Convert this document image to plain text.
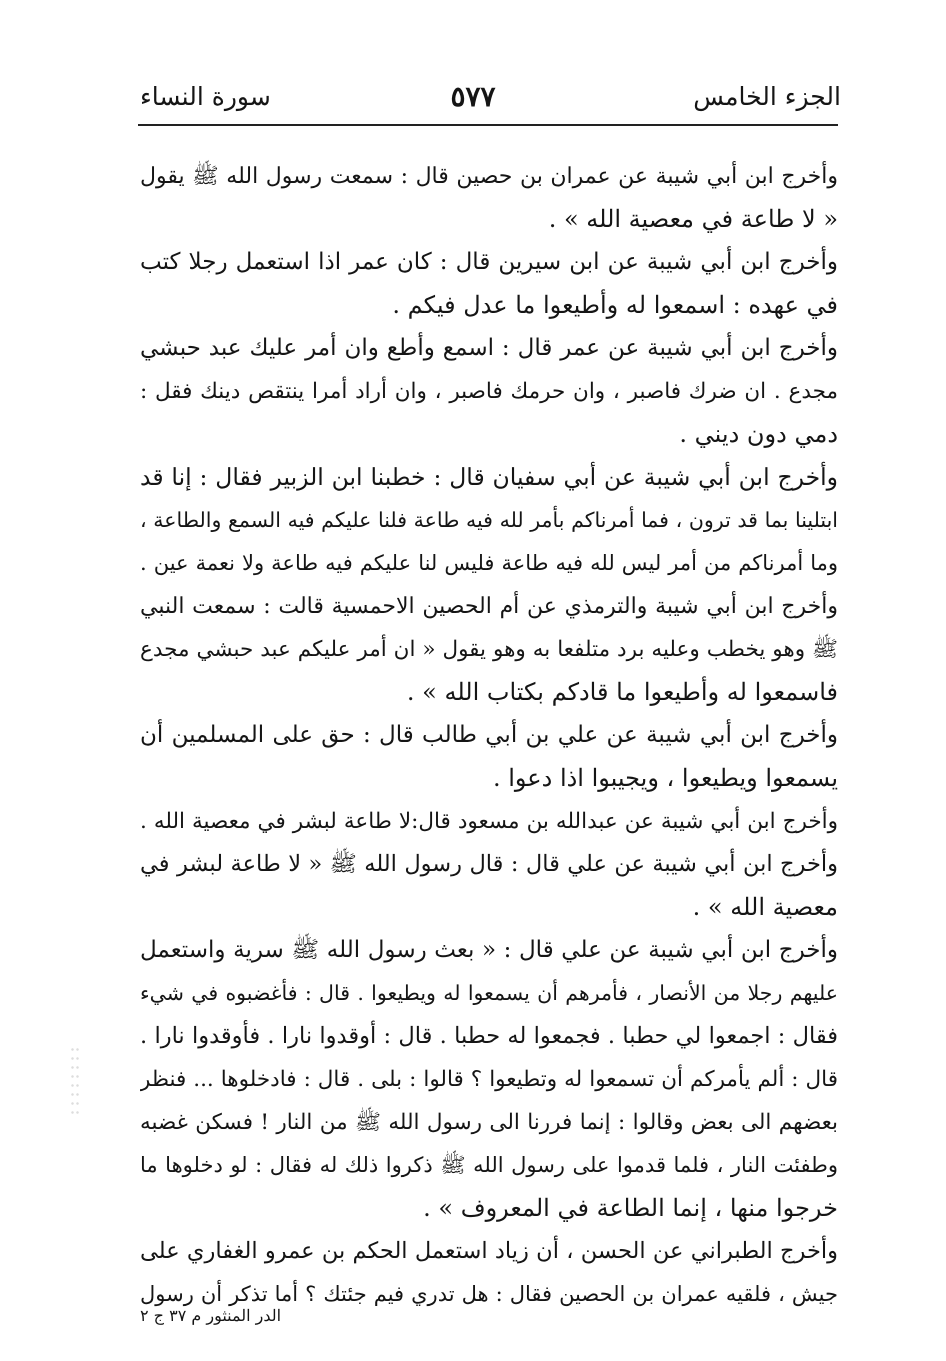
الجزء الخامس
٥٧٧
سورة النساء
وأخرج ابن أبي شيبة عن عمران بن حصين قال : سمعت رسول الله ﷺ يقول
« لا طاعة في معصية الله » .
وأخرج ابن أبي شيبة عن ابن سيرين قال : كان عمر اذا استعمل رجلا كتب
في عهده : اسمعوا له وأطيعوا ما عدل فيكم .
وأخرج ابن أبي شيبة عن عمر قال : اسمع وأطع وان أمر عليك عبد حبشي
مجدع . ان ضرك فاصبر ، وان حرمك فاصبر ، وان أراد أمرا ينتقص دينك فقل :
دمي دون ديني .
وأخرج ابن أبي شيبة عن أبي سفيان قال : خطبنا ابن الزبير فقال : إنا قد
ابتلينا بما قد ترون ، فما أمرناكم بأمر لله فيه طاعة فلنا عليكم فيه السمع والطاعة ،
وما أمرناكم من أمر ليس لله فيه طاعة فليس لنا عليكم فيه طاعة ولا نعمة عين .
وأخرج ابن أبي شيبة والترمذي عن أم الحصين الاحمسية قالت : سمعت النبي
ﷺ وهو يخطب وعليه برد متلفعا به وهو يقول « ان أمر عليكم عبد حبشي مجدع
فاسمعوا له وأطيعوا ما قادكم بكتاب الله » .
وأخرج ابن أبي شيبة عن علي بن أبي طالب قال : حق على المسلمين أن
يسمعوا ويطيعوا ، ويجيبوا اذا دعوا .
وأخرج ابن أبي شيبة عن عبدالله بن مسعود قال:لا طاعة لبشر في معصية الله .
وأخرج ابن أبي شيبة عن علي قال : قال رسول الله ﷺ « لا طاعة لبشر في
معصية الله » .
وأخرج ابن أبي شيبة عن علي قال : « بعث رسول الله ﷺ سرية واستعمل
عليهم رجلا من الأنصار ، فأمرهم أن يسمعوا له ويطيعوا . قال : فأغضبوه في شيء
فقال : اجمعوا لي حطبا . فجمعوا له حطبا . قال : أوقدوا نارا . فأوقدوا نارا .
قال : ألم يأمركم أن تسمعوا له وتطيعوا ؟ قالوا : بلى . قال : فادخلوها ... فنظر
بعضهم الى بعض وقالوا : إنما فررنا الى رسول الله ﷺ من النار ! فسكن غضبه
وطفئت النار ، فلما قدموا على رسول الله ﷺ ذكروا ذلك له فقال : لو دخلوها ما
خرجوا منها ، إنما الطاعة في المعروف » .
وأخرج الطبراني عن الحسن ، أن زياد استعمل الحكم بن عمرو الغفاري على
جيش ، فلقيه عمران بن الحصين فقال : هل تدري فيم جئتك ؟ أما تذكر أن رسول
الدر المنثور م ٣٧ ج ٢
